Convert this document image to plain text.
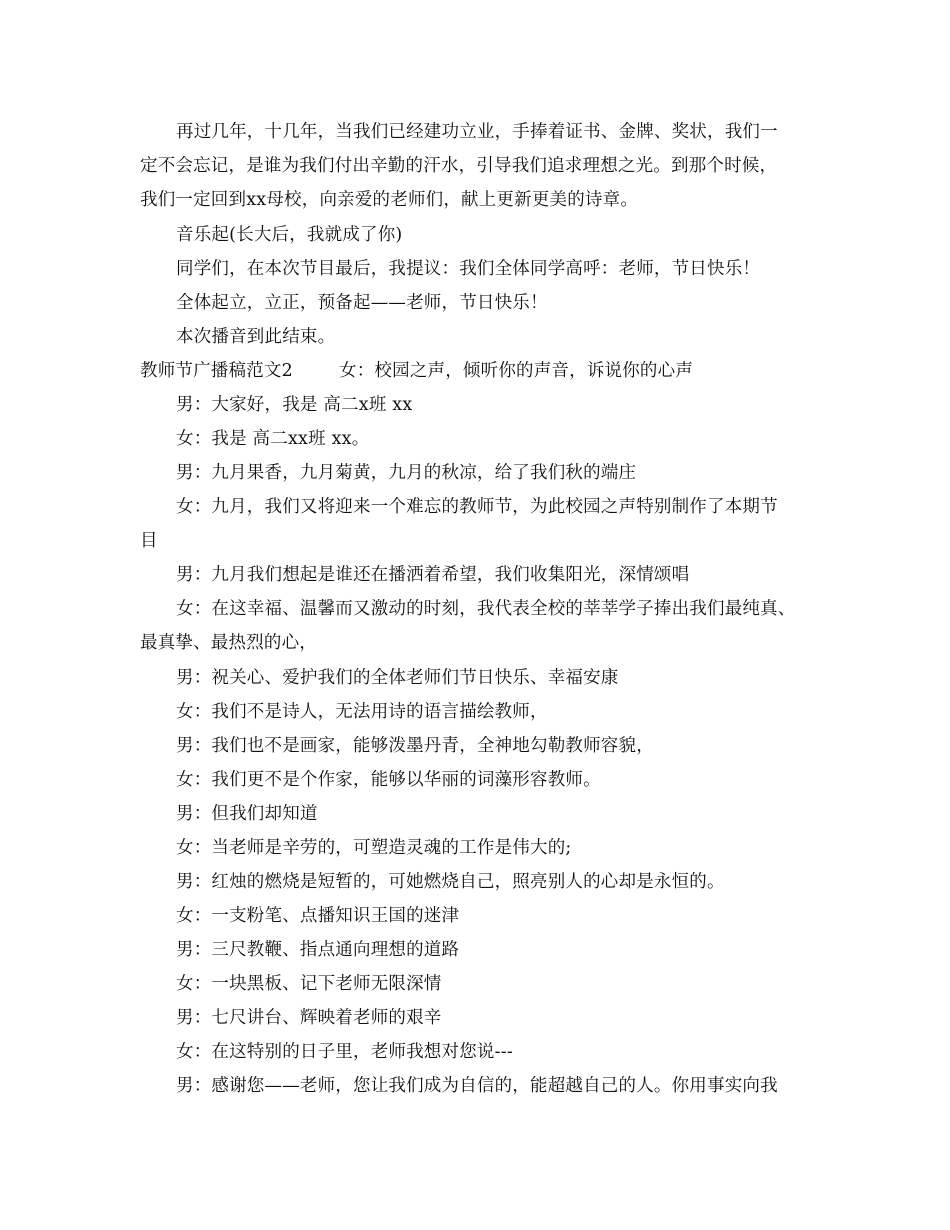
再过几年，十几年，当我们已经建功立业，手捧着证书、金牌、奖状，我们一
定不会忘记，是谁为我们付出辛勤的汗水，引导我们追求理想之光。到那个时候，
我们一定回到xx母校，向亲爱的老师们，献上更新更美的诗章。
音乐起(长大后，我就成了你)
同学们，在本次节目最后，我提议：我们全体同学高呼：老师，节日快乐！
全体起立，立正，预备起——老师，节日快乐！
本次播音到此结束。
教师节广播稿范文2        女：校园之声，倾听你的声音，诉说你的心声
男：大家好，我是 高二x班 xx
女：我是 高二xx班 xx。
男：九月果香，九月菊黄，九月的秋凉，给了我们秋的端庄
女：九月，我们又将迎来一个难忘的教师节，为此校园之声特别制作了本期节
目
男：九月我们想起是谁还在播洒着希望，我们收集阳光，深情颂唱
女：在这幸福、温馨而又激动的时刻，我代表全校的莘莘学子捧出我们最纯真、
最真挚、最热烈的心，
男：祝关心、爱护我们的全体老师们节日快乐、幸福安康
女：我们不是诗人，无法用诗的语言描绘教师，
男：我们也不是画家，能够泼墨丹青，全神地勾勒教师容貌，
女：我们更不是个作家，能够以华丽的词藻形容教师。
男：但我们却知道
女：当老师是辛劳的，可塑造灵魂的工作是伟大的;
男：红烛的燃烧是短暂的，可她燃烧自己，照亮别人的心却是永恒的。
女：一支粉笔、点播知识王国的迷津
男：三尺教鞭、指点通向理想的道路
女：一块黑板、记下老师无限深情
男：七尺讲台、辉映着老师的艰辛
女：在这特别的日子里，老师我想对您说---
男：感谢您——老师，您让我们成为自信的，能超越自己的人。你用事实向我
